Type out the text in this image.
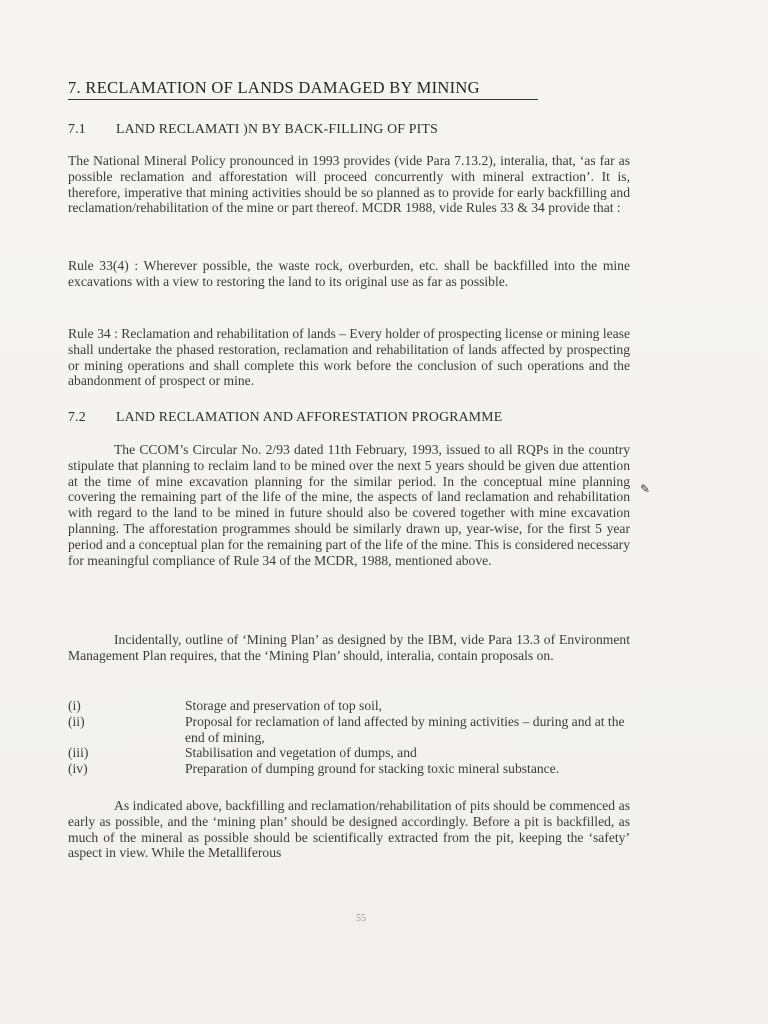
7. RECLAMATION OF LANDS DAMAGED BY MINING
7.1 LAND RECLAMATI )N BY BACK-FILLING OF PITS
The National Mineral Policy pronounced in 1993 provides (vide Para 7.13.2), interalia, that, ‘as far as possible reclamation and afforestation will proceed concurrently with mineral extraction’. It is, therefore, imperative that mining activities should be so planned as to provide for early backfilling and reclamation/rehabilitation of the mine or part thereof. MCDR 1988, vide Rules 33 & 34 provide that :
Rule 33(4) : Wherever possible, the waste rock, overburden, etc. shall be backfilled into the mine excavations with a view to restoring the land to its original use as far as possible.
Rule 34 : Reclamation and rehabilitation of lands – Every holder of prospecting license or mining lease shall undertake the phased restoration, reclamation and rehabilitation of lands affected by prospecting or mining operations and shall complete this work before the conclusion of such operations and the abandonment of prospect or mine.
7.2 LAND RECLAMATION AND AFFORESTATION PROGRAMME
The CCOM’s Circular No. 2/93 dated 11th February, 1993, issued to all RQPs in the country stipulate that planning to reclaim land to be mined over the next 5 years should be given due attention at the time of mine excavation planning for the similar period. In the conceptual mine planning covering the remaining part of the life of the mine, the aspects of land reclamation and rehabilitation with regard to the land to be mined in future should also be covered together with mine excavation planning. The afforestation programmes should be similarly drawn up, year-wise, for the first 5 year period and a conceptual plan for the remaining part of the life of the mine. This is considered necessary for meaningful compliance of Rule 34 of the MCDR, 1988, mentioned above.
✎
Incidentally, outline of ‘Mining Plan’ as designed by the IBM, vide Para 13.3 of Environment Management Plan requires, that the ‘Mining Plan’ should, interalia, contain proposals on.
(i)	Storage and preservation of top soil,
(ii)	Proposal for reclamation of land affected by mining activities – during and at the end of mining,
(iii)	Stabilisation and vegetation of dumps, and
(iv)	Preparation of dumping ground for stacking toxic mineral substance.
As indicated above, backfilling and reclamation/rehabilitation of pits should be commenced as early as possible, and the ‘mining plan’ should be designed accordingly. Before a pit is backfilled, as much of the mineral as possible should be scientifically extracted from the pit, keeping the ‘safety’ aspect in view. While the Metalliferous
55
